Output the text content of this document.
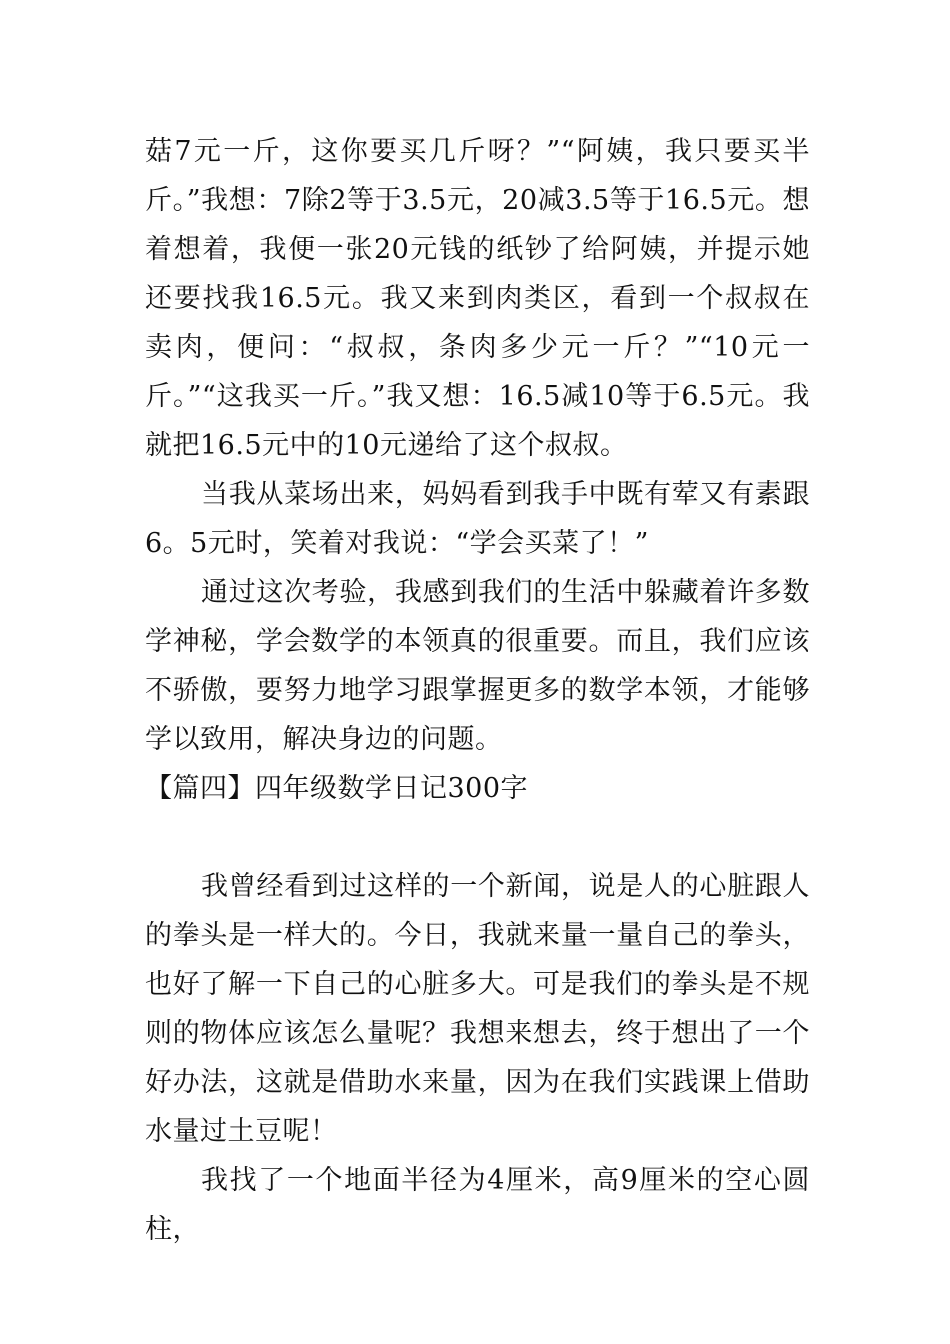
菇7元一斤，这你要买几斤呀？”“阿姨，我只要买半斤。”我想：7除2等于3.5元，20减3.5等于16.5元。想着想着，我便一张20元钱的纸钞了给阿姨，并提示她还要找我16.5元。我又来到肉类区，看到一个叔叔在卖肉，便问：“叔叔，条肉多少元一斤？”“10元一斤。”“这我买一斤。”我又想：16.5减10等于6.5元。我就把16.5元中的10元递给了这个叔叔。

当我从菜场出来，妈妈看到我手中既有荤又有素跟6。5元时，笑着对我说：“学会买菜了！”

通过这次考验，我感到我们的生活中躲藏着许多数学神秘，学会数学的本领真的很重要。而且，我们应该不骄傲，要努力地学习跟掌握更多的数学本领，才能够学以致用，解决身边的问题。

【篇四】四年级数学日记300字

我曾经看到过这样的一个新闻，说是人的心脏跟人的拳头是一样大的。今日，我就来量一量自己的拳头，也好了解一下自己的心脏多大。可是我们的拳头是不规则的物体应该怎么量呢？我想来想去，终于想出了一个好办法，这就是借助水来量，因为在我们实践课上借助水量过土豆呢！

我找了一个地面半径为4厘米，高9厘米的空心圆柱，
